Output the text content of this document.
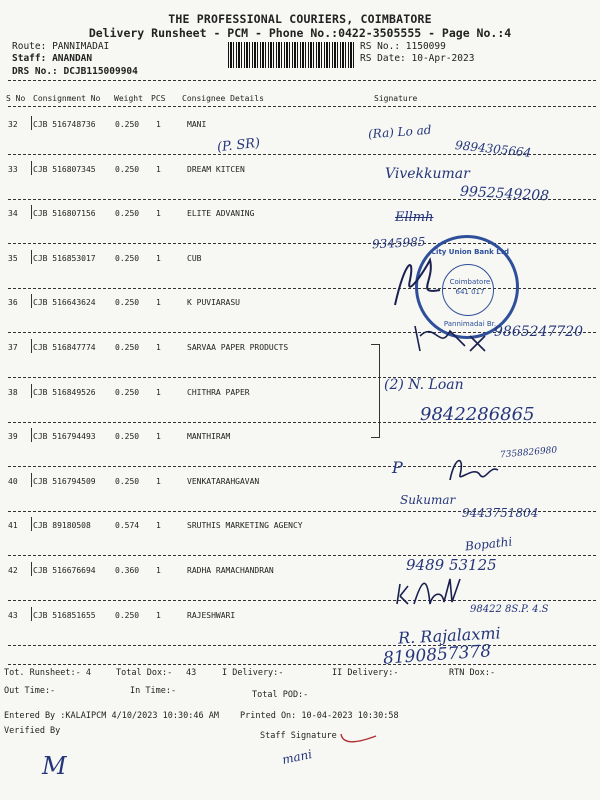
THE PROFESSIONAL COURIERS, COIMBATORE
Delivery Runsheet - PCM - Phone No.:0422-3505555 - Page No.:4
Route: PANNIMADAI
Staff: ANANDAN
DRS No.: DCJB115009904
RS No.: 1150099
RS Date: 10-Apr-2023
S No Consignment No Weight PCS Consignee Details	Signature
32 CJB 516748736 0.250 1	MANI
33 CJB 516807345 0.250 1	DREAM KITCEN
34 CJB 516807156 0.250 1	ELITE ADVANING
35 CJB 516853017 0.250 1	CUB
36 CJB 516643624 0.250 1	K PUVIARASU
37 CJB 516847774 0.250 1	SARVAA PAPER PRODUCTS
38 CJB 516849526 0.250 1	CHITHRA PAPER
39 CJB 516794493 0.250 1	MANTHIRAM
40 CJB 516794509 0.250 1	VENKATARAHGAVAN
41 CJB 89180508	0.574 1	SRUTHIS MARKETING AGENCY
42 CJB 516676694 0.360 1	RADHA RAMACHANDRAN
43 CJB 516851655 0.250 1	RAJESHWARI
(P. SR)
(Ra) Lo ad
9894305664
Vivekkumar
9952549208
Ellmh
9345985
City Union Bank Ltd
Coimbatore
641 017
Pannimadai Br.
9865247720
(2) N. Loan
9842286865
P
7358826980
Sukumar
9443751804
Bopathi
9489 53125
98422 8S.P. 4.S
R. Rajalaxmi
8190857378
Tot. Runsheet:- 4	Total Dox:- 43	I Delivery:-	II Delivery:-	RTN Dox:-
Out Time:-	In Time:-	Total POD:-
Entered By :KALAIPCM 4/10/2023 10:30:46 AM Printed On: 10-04-2023 10:30:58
Verified By	Staff Signature
M	mani
